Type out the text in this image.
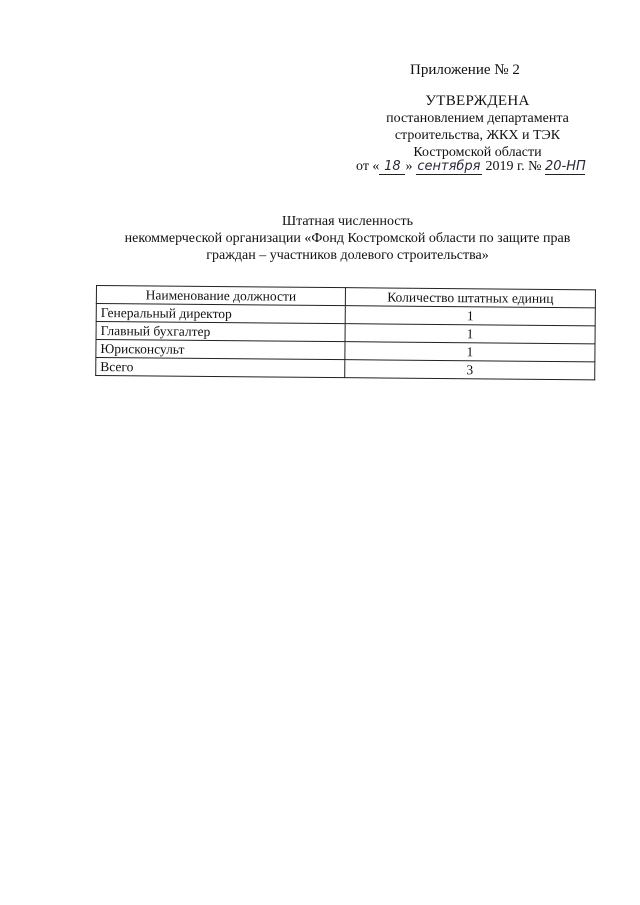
Приложение № 2
УТВЕРЖДЕНА
постановлением департамента
строительства, ЖКХ и ТЭК
Костромской области
от « 18 » сентября 2019 г. № 20-НП
Штатная численность
некоммерческой организации «Фонд Костромской области по защите прав
граждан – участников долевого строительства»
Наименование должности	Количество штатных единиц
Генеральный директор	1
Главный бухгалтер	1
Юрисконсульт	1
Всего	3
